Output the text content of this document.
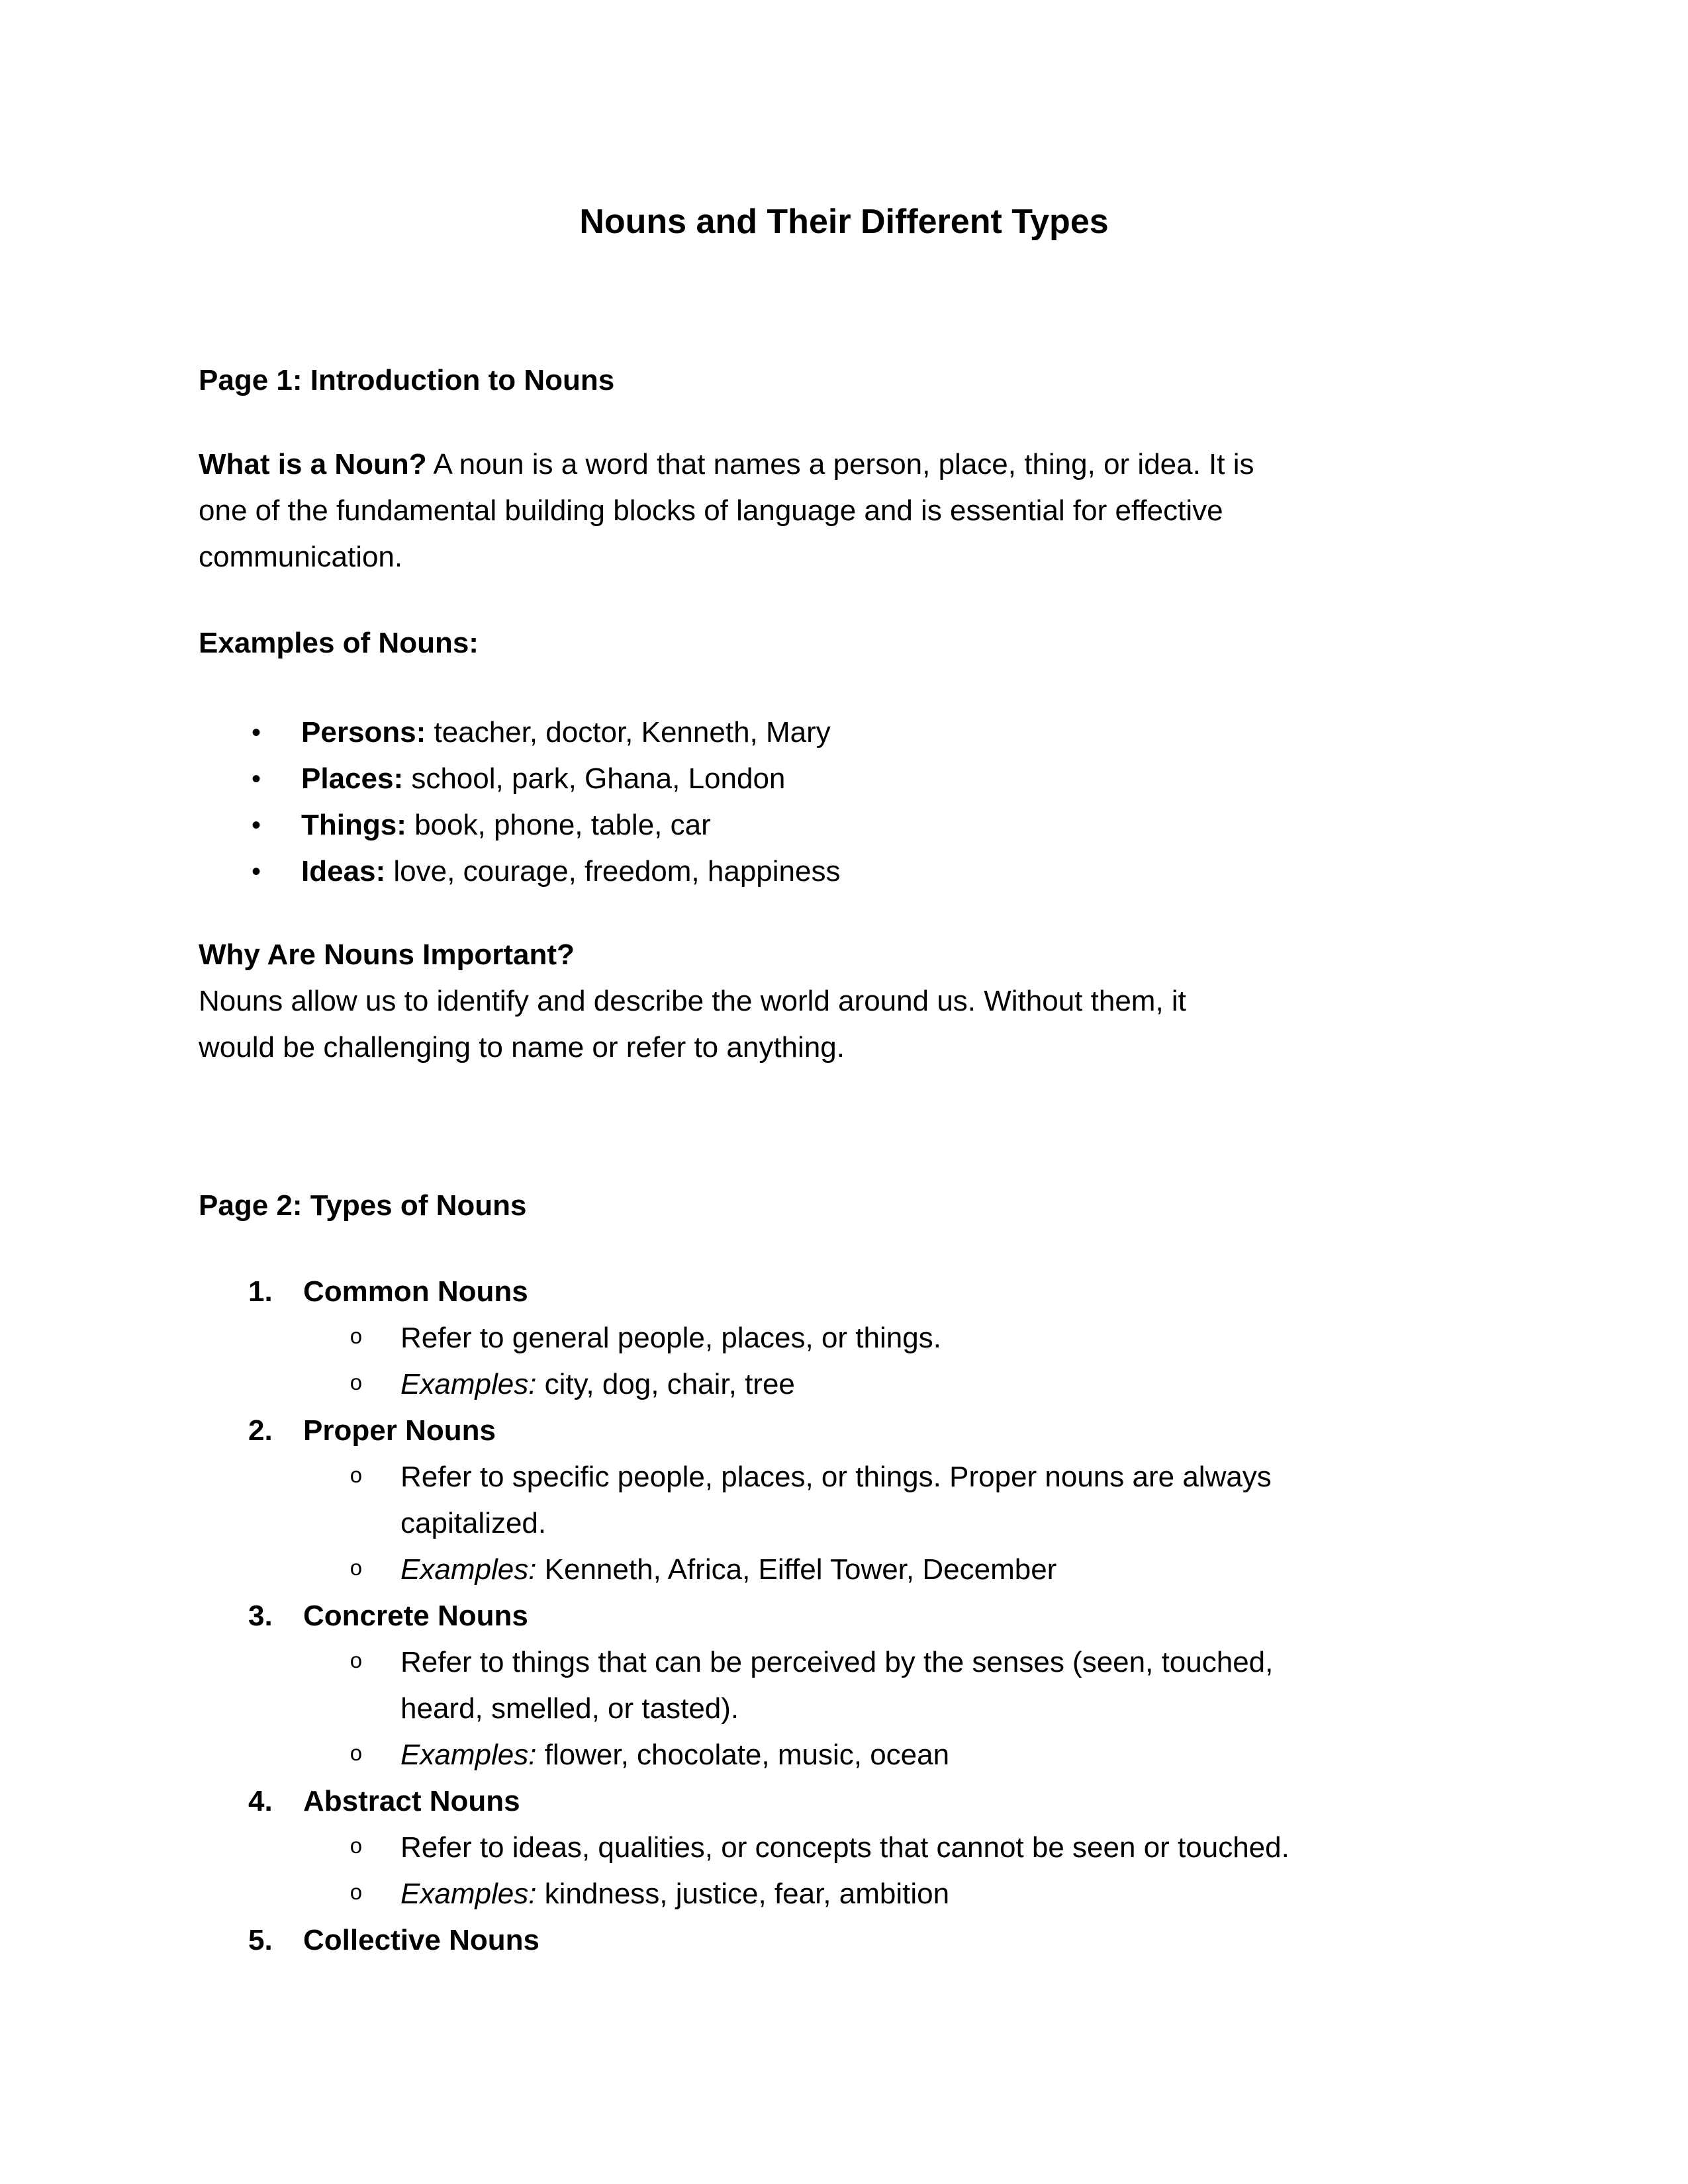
Nouns and Their Different Types
Page 1: Introduction to Nouns

What is a Noun? A noun is a word that names a person, place, thing, or idea. It is
one of the fundamental building blocks of language and is essential for effective
communication.

Examples of Nouns:
• Persons: teacher, doctor, Kenneth, Mary
• Places: school, park, Ghana, London
• Things: book, phone, table, car
• Ideas: love, courage, freedom, happiness

Why Are Nouns Important?
Nouns allow us to identify and describe the world around us. Without them, it
would be challenging to name or refer to anything.

Page 2: Types of Nouns
1. Common Nouns
o Refer to general people, places, or things.
o Examples: city, dog, chair, tree
2. Proper Nouns
o Refer to specific people, places, or things. Proper nouns are always
capitalized.
o Examples: Kenneth, Africa, Eiffel Tower, December
3. Concrete Nouns
o Refer to things that can be perceived by the senses (seen, touched,
heard, smelled, or tasted).
o Examples: flower, chocolate, music, ocean
4. Abstract Nouns
o Refer to ideas, qualities, or concepts that cannot be seen or touched.
o Examples: kindness, justice, fear, ambition
5. Collective Nouns
